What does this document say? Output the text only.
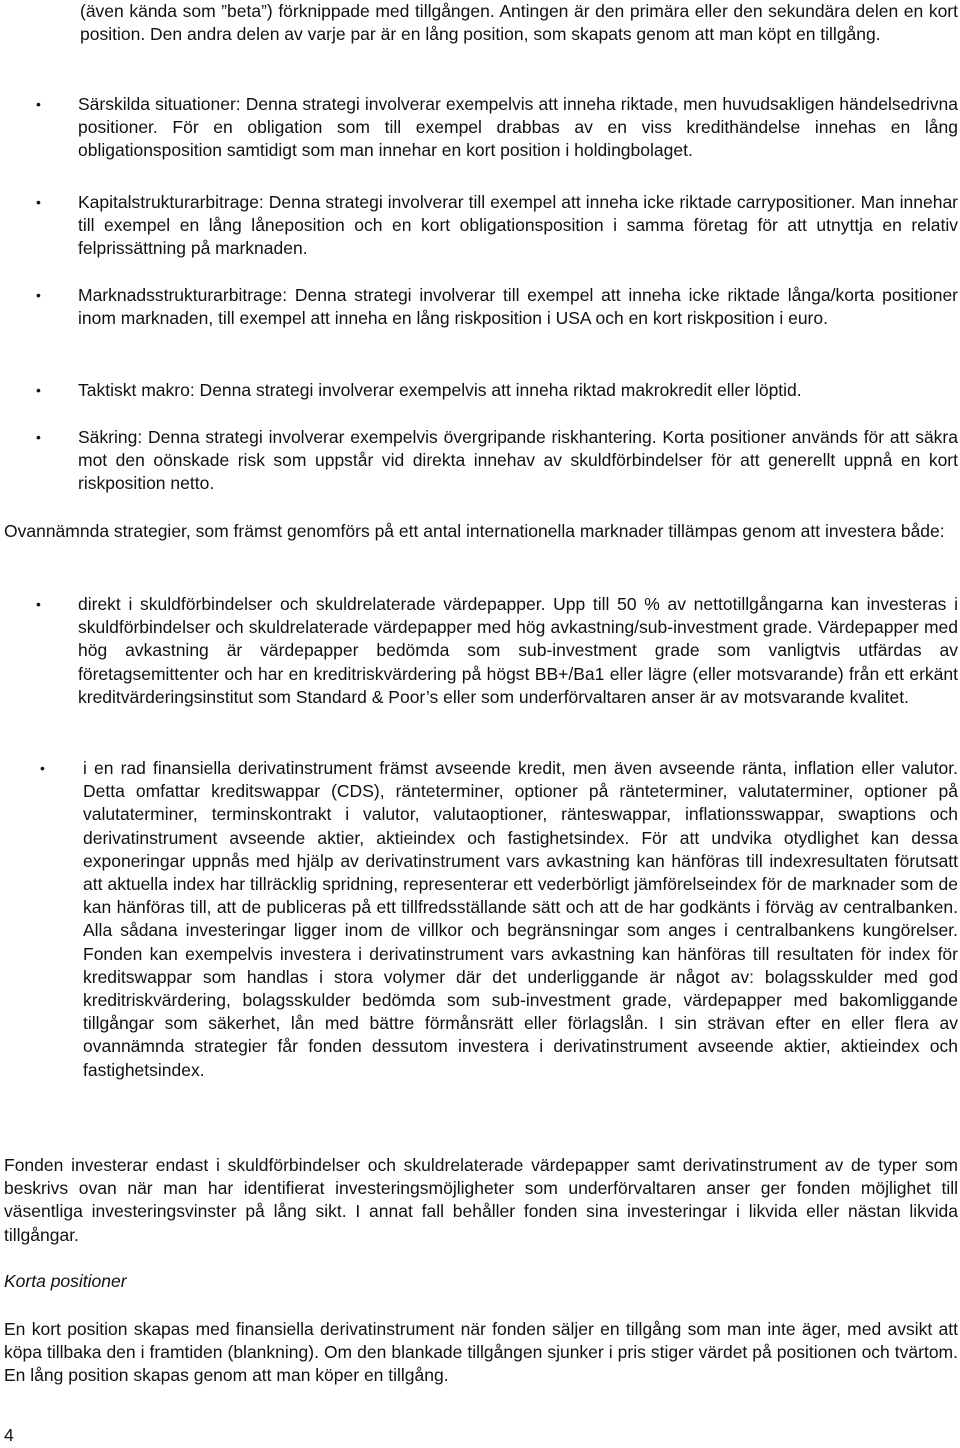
(även kända som ”beta”) förknippade med tillgången. Antingen är den primära eller den sekundära delen en kort position. Den andra delen av varje par är en lång position, som skapats genom att man köpt en tillgång.

•	Särskilda situationer: Denna strategi involverar exempelvis att inneha riktade, men huvudsakligen händelsedrivna positioner. För en obligation som till exempel drabbas av en viss kredithändelse innehas en lång obligationsposition samtidigt som man innehar en kort position i holdingbolaget.

•	Kapitalstrukturarbitrage: Denna strategi involverar till exempel att inneha icke riktade carrypositioner. Man innehar till exempel en lång låneposition och en kort obligationsposition i samma företag för att utnyttja en relativ felprissättning på marknaden.

•	Marknadsstrukturarbitrage: Denna strategi involverar till exempel att inneha icke riktade långa/korta positioner inom marknaden, till exempel att inneha en lång riskposition i USA och en kort riskposition i euro.

•	Taktiskt makro: Denna strategi involverar exempelvis att inneha riktad makrokredit eller löptid.

•	Säkring: Denna strategi involverar exempelvis övergripande riskhantering. Korta positioner används för att säkra mot den oönskade risk som uppstår vid direkta innehav av skuldförbindelser för att generellt uppnå en kort riskposition netto.

Ovannämnda strategier, som främst genomförs på ett antal internationella marknader tillämpas genom att investera både:

•	direkt i skuldförbindelser och skuldrelaterade värdepapper. Upp till 50 % av nettotillgångarna kan investeras i skuldförbindelser och skuldrelaterade värdepapper med hög avkastning/sub-investment grade. Värdepapper med hög avkastning är värdepapper bedömda som sub-investment grade som vanligtvis utfärdas av företagsemittenter och har en kreditriskvärdering på högst BB+/Ba1 eller lägre (eller motsvarande) från ett erkänt kreditvärderingsinstitut som Standard & Poor’s eller som underförvaltaren anser är av motsvarande kvalitet.

•	i en rad finansiella derivatinstrument främst avseende kredit, men även avseende ränta, inflation eller valutor. Detta omfattar kreditswappar (CDS), ränteterminer, optioner på ränteterminer, valutaterminer, optioner på valutaterminer, terminskontrakt i valutor, valutaoptioner, ränteswappar, inflationsswappar, swaptions och derivatinstrument avseende aktier, aktieindex och fastighetsindex. För att undvika otydlighet kan dessa exponeringar uppnås med hjälp av derivatinstrument vars avkastning kan hänföras till indexresultaten förutsatt att aktuella index har tillräcklig spridning, representerar ett vederbörligt jämförelseindex för de marknader som de kan hänföras till, att de publiceras på ett tillfredsställande sätt och att de har godkänts i förväg av centralbanken. Alla sådana investeringar ligger inom de villkor och begränsningar som anges i centralbankens kungörelser. Fonden kan exempelvis investera i derivatinstrument vars avkastning kan hänföras till resultaten för index för kreditswappar som handlas i stora volymer där det underliggande är något av: bolagsskulder med god kreditriskvärdering, bolagsskulder bedömda som sub-investment grade, värdepapper med bakomliggande tillgångar som säkerhet, lån med bättre förmånsrätt eller förlagslån. I sin strävan efter en eller flera av ovannämnda strategier får fonden dessutom investera i derivatinstrument avseende aktier, aktieindex och fastighetsindex.

Fonden investerar endast i skuldförbindelser och skuldrelaterade värdepapper samt derivatinstrument av de typer som beskrivs ovan när man har identifierat investeringsmöjligheter som underförvaltaren anser ger fonden möjlighet till väsentliga investeringsvinster på lång sikt. I annat fall behåller fonden sina investeringar i likvida eller nästan likvida tillgångar.

Korta positioner

En kort position skapas med finansiella derivatinstrument när fonden säljer en tillgång som man inte äger, med avsikt att köpa tillbaka den i framtiden (blankning). Om den blankade tillgången sjunker i pris stiger värdet på positionen och tvärtom. En lång position skapas genom att man köper en tillgång.

4
